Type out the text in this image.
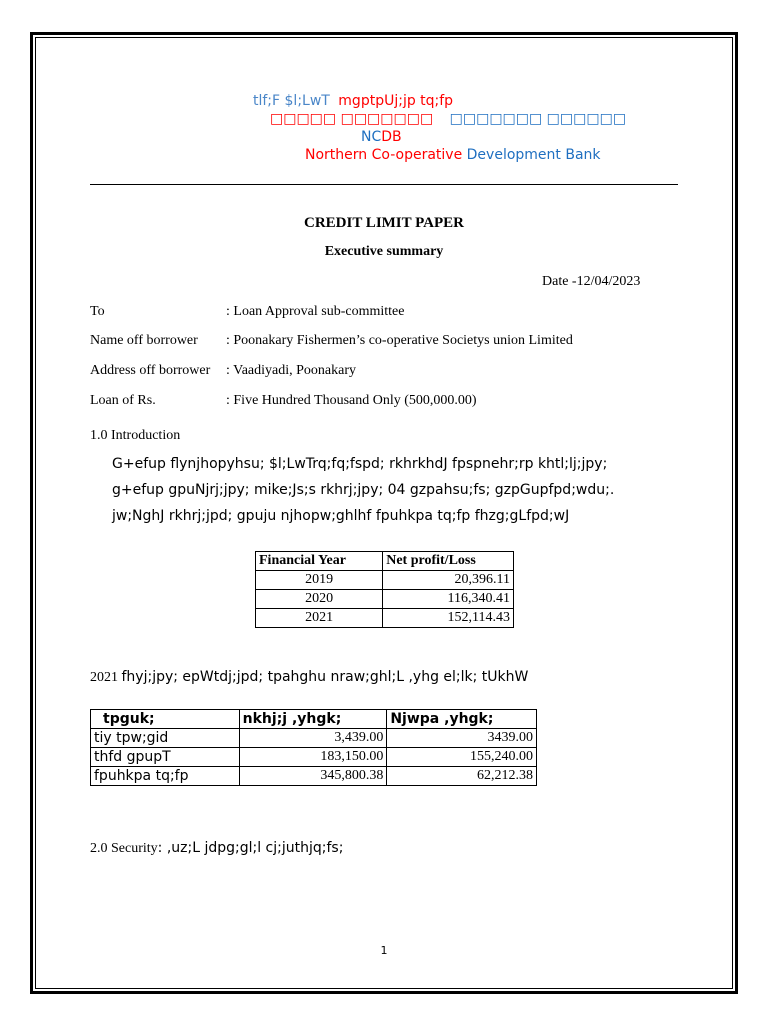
tlf;F $l;LwT mgptpUj;jp tq;fp
□□□□□ □□□□□□□ □□□□□□□ □□□□□□
NCDB
Northern Co-operative Development Bank
CREDIT LIMIT PAPER
Executive summary
Date -12/04/2023
To	: Loan Approval sub-committee
Name off borrower : Poonakary Fishermen’s co-operative Societys union Limited
Address off borrower : Vaadiyadi, Poonakary
Loan of Rs.	: Five Hundred Thousand Only (500,000.00)
1.0 Introduction
G+efup flynjhopyhsu; $l;LwTrq;fq;fspd; rkhrkhdJ fpspnehr;rp khtl;lj;jpy;
g+efup gpuNjrj;jpy; mike;Js;s rkhrj;jpy; 04 gzpahsu;fs; gzpGupfpd;wdu;.
jw;NghJ rkhrj;jpd; gpuju njhopw;ghlhf fpuhkpa tq;fp fhzg;gLfpd;wJ
Financial Year	Net profit/Loss
2019	20,396.11
2020	116,340.41
2021	152,114.43
2021 fhyj;jpy; epWtdj;jpd; tpahghu nraw;ghl;L ,yhg el;lk; tUkhW
tpguk;	nkhj;j ,yhgk;	Njwpa ,yhgk;
tiy tpw;gid	3,439.00	3439.00
thfd gpupT	183,150.00	155,240.00
fpuhkpa tq;fp	345,800.38	62,212.38
2.0 Security: ,uz;L jdpg;gl;l cj;juthjq;fs;
1
